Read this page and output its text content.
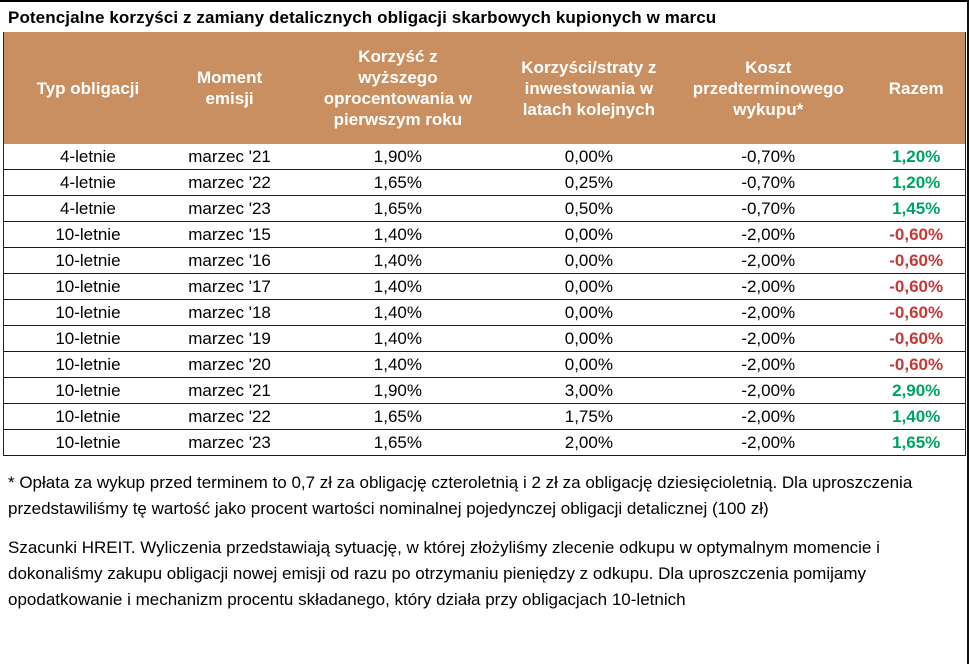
Potencjalne korzyści z zamiany detalicznych obligacji skarbowych kupionych w marcu
Typ obligacji	Moment emisji	Korzyść z wyższego oprocentowania w pierwszym roku	Korzyści/straty z inwestowania w latach kolejnych	Koszt przedterminowego wykupu*	Razem
4-letnie	marzec '21	1,90%	0,00%	-0,70%	1,20%
4-letnie	marzec '22	1,65%	0,25%	-0,70%	1,20%
4-letnie	marzec '23	1,65%	0,50%	-0,70%	1,45%
10-letnie	marzec '15	1,40%	0,00%	-2,00%	-0,60%
10-letnie	marzec '16	1,40%	0,00%	-2,00%	-0,60%
10-letnie	marzec '17	1,40%	0,00%	-2,00%	-0,60%
10-letnie	marzec '18	1,40%	0,00%	-2,00%	-0,60%
10-letnie	marzec '19	1,40%	0,00%	-2,00%	-0,60%
10-letnie	marzec '20	1,40%	0,00%	-2,00%	-0,60%
10-letnie	marzec '21	1,90%	3,00%	-2,00%	2,90%
10-letnie	marzec '22	1,65%	1,75%	-2,00%	1,40%
10-letnie	marzec '23	1,65%	2,00%	-2,00%	1,65%

* Opłata za wykup przed terminem to 0,7 zł za obligację czteroletnią i 2 zł za obligację dziesięcioletnią. Dla uproszczenia przedstawiliśmy tę wartość jako procent wartości nominalnej pojedynczej obligacji detalicznej (100 zł)

Szacunki HREIT. Wyliczenia przedstawiają sytuację, w której złożyliśmy zlecenie odkupu w optymalnym momencie i dokonaliśmy zakupu obligacji nowej emisji od razu po otrzymaniu pieniędzy z odkupu. Dla uproszczenia pomijamy opodatkowanie i mechanizm procentu składanego, który działa przy obligacjach 10-letnich
